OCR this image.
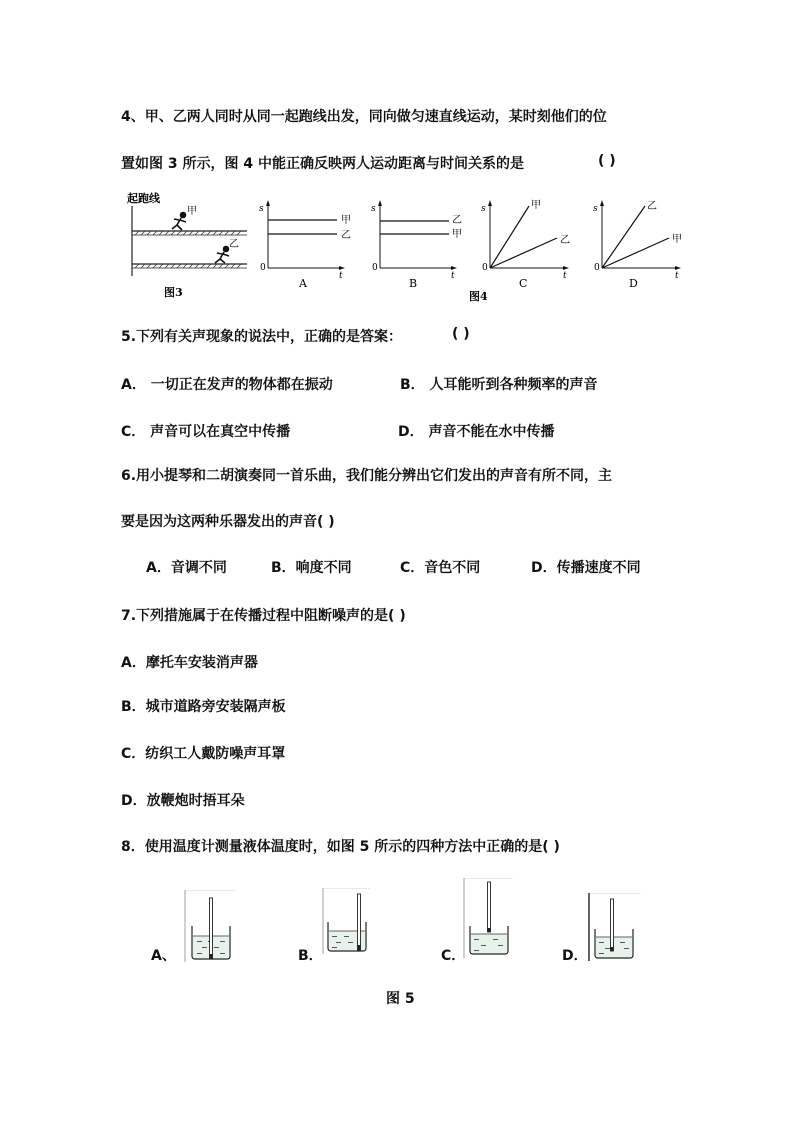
4、甲、乙两人同时从同一起跑线出发，同向做匀速直线运动，某时刻他们的位
置如图 3 所示，图 4 中能正确反映两人运动距离与时间关系的是	( )
起跑线
甲
乙
图3
s
t
0
甲
乙
A
s
t
0
乙
甲
B
图4
s
t
0
甲
乙
C
s
t
0
乙
甲
D
5.下列有关声现象的说法中，正确的是答案：	( )
A． 一切正在发声的物体都在振动	B． 人耳能听到各种频率的声音
C． 声音可以在真空中传播	D． 声音不能在水中传播
6.用小提琴和二胡演奏同一首乐曲，我们能分辨出它们发出的声音有所不同，主
要是因为这两种乐器发出的声音( )
A．音调不同	B．响度不同	C．音色不同	D．传播速度不同
7.下列措施属于在传播过程中阻断噪声的是( )
A．摩托车安装消声器
B．城市道路旁安装隔声板
C．纺织工人戴防噪声耳罩
D．放鞭炮时捂耳朵
8．使用温度计测量液体温度时，如图 5 所示的四种方法中正确的是( )
A、	B．	C．	D．
图 5
